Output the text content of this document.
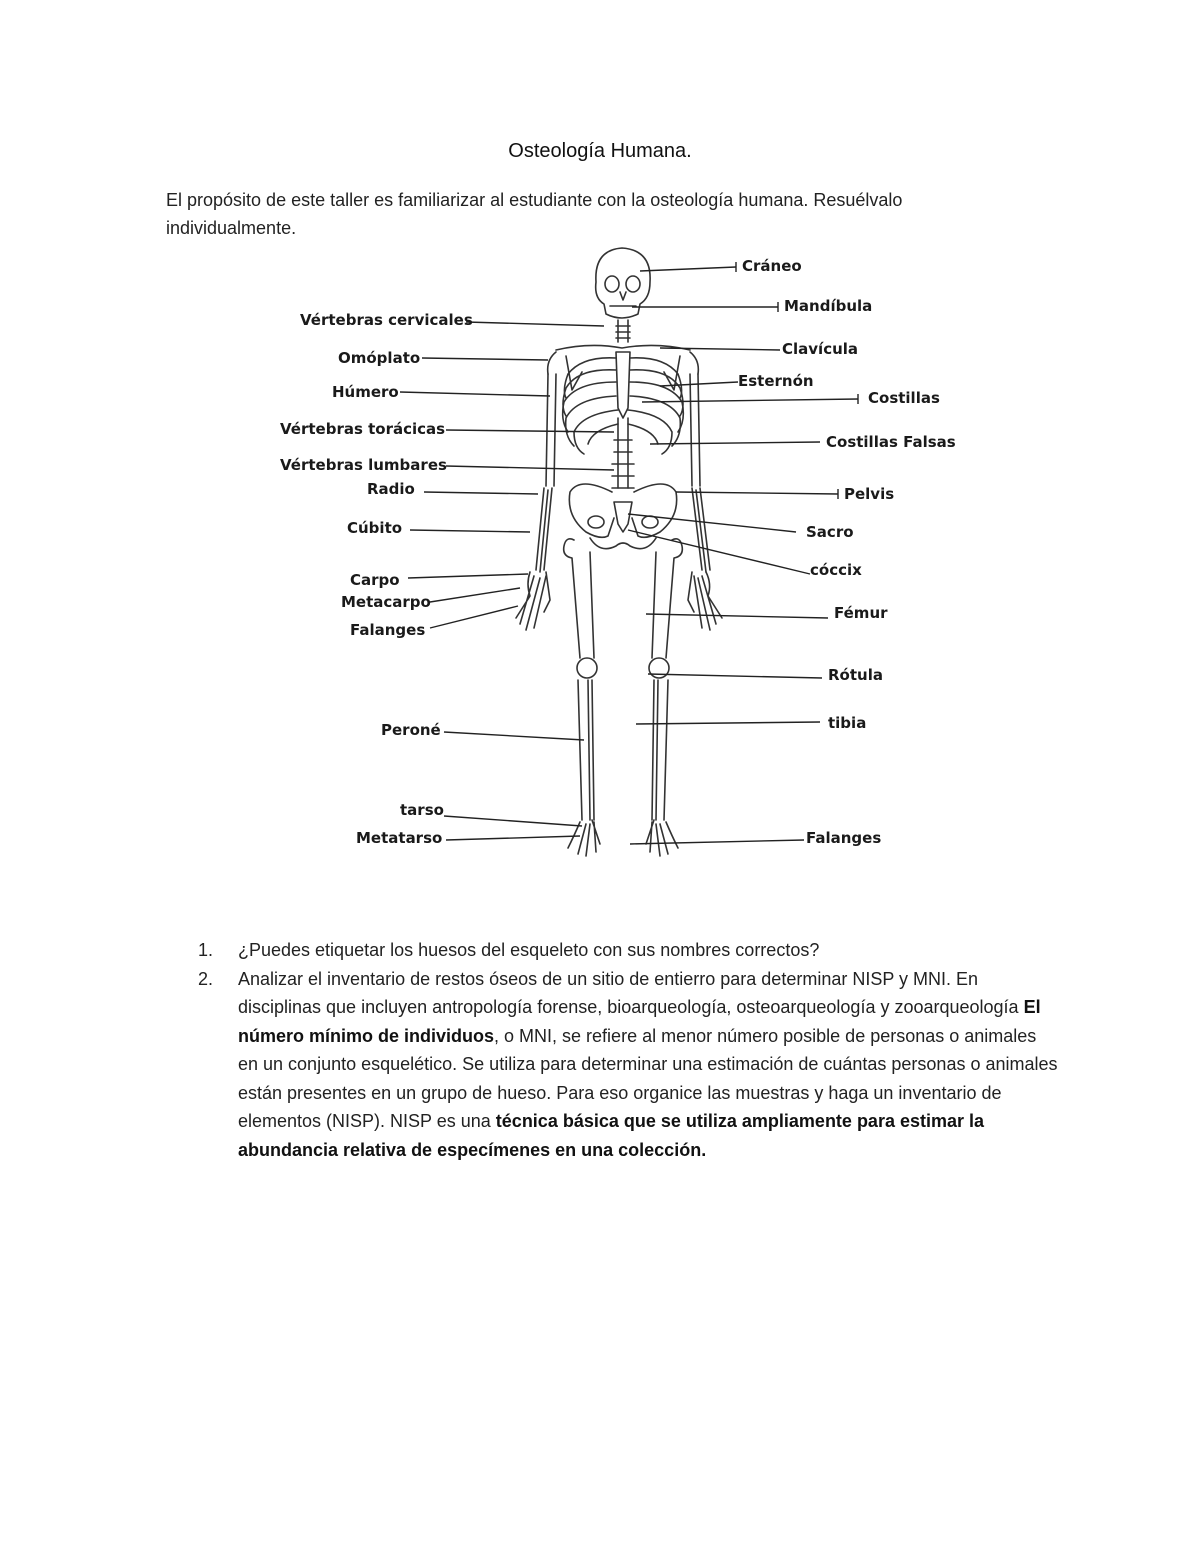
Osteología Humana.
El propósito de este taller es familiarizar al estudiante con la osteología humana. Resuélvalo individualmente.
Cráneo
Mandíbula
Vértebras cervicales
Omóplato	Clavícula
Húmero
Esternón
Costillas
Vértebras torácicas
Costillas Falsas
Vértebras lumbares
Radio	Pelvis
Cúbito	Sacro
cóccix
Carpo
Metacarpo
Falanges
Fémur
Rótula
Peroné	tibia
tarso
Metatarso	Falanges
1. ¿Puedes etiquetar los huesos del esqueleto con sus nombres correctos?
2. Analizar el inventario de restos óseos de un sitio de entierro para determinar NISP y MNI. En disciplinas que incluyen antropología forense, bioarqueología, osteoarqueología y zooarqueología El número mínimo de individuos, o MNI, se refiere al menor número posible de personas o animales en un conjunto esquelético. Se utiliza para determinar una estimación de cuántas personas o animales están presentes en un grupo de hueso. Para eso organice las muestras y haga un inventario de elementos (NISP). NISP es una técnica básica que se utiliza ampliamente para estimar la abundancia relativa de especímenes en una colección.
